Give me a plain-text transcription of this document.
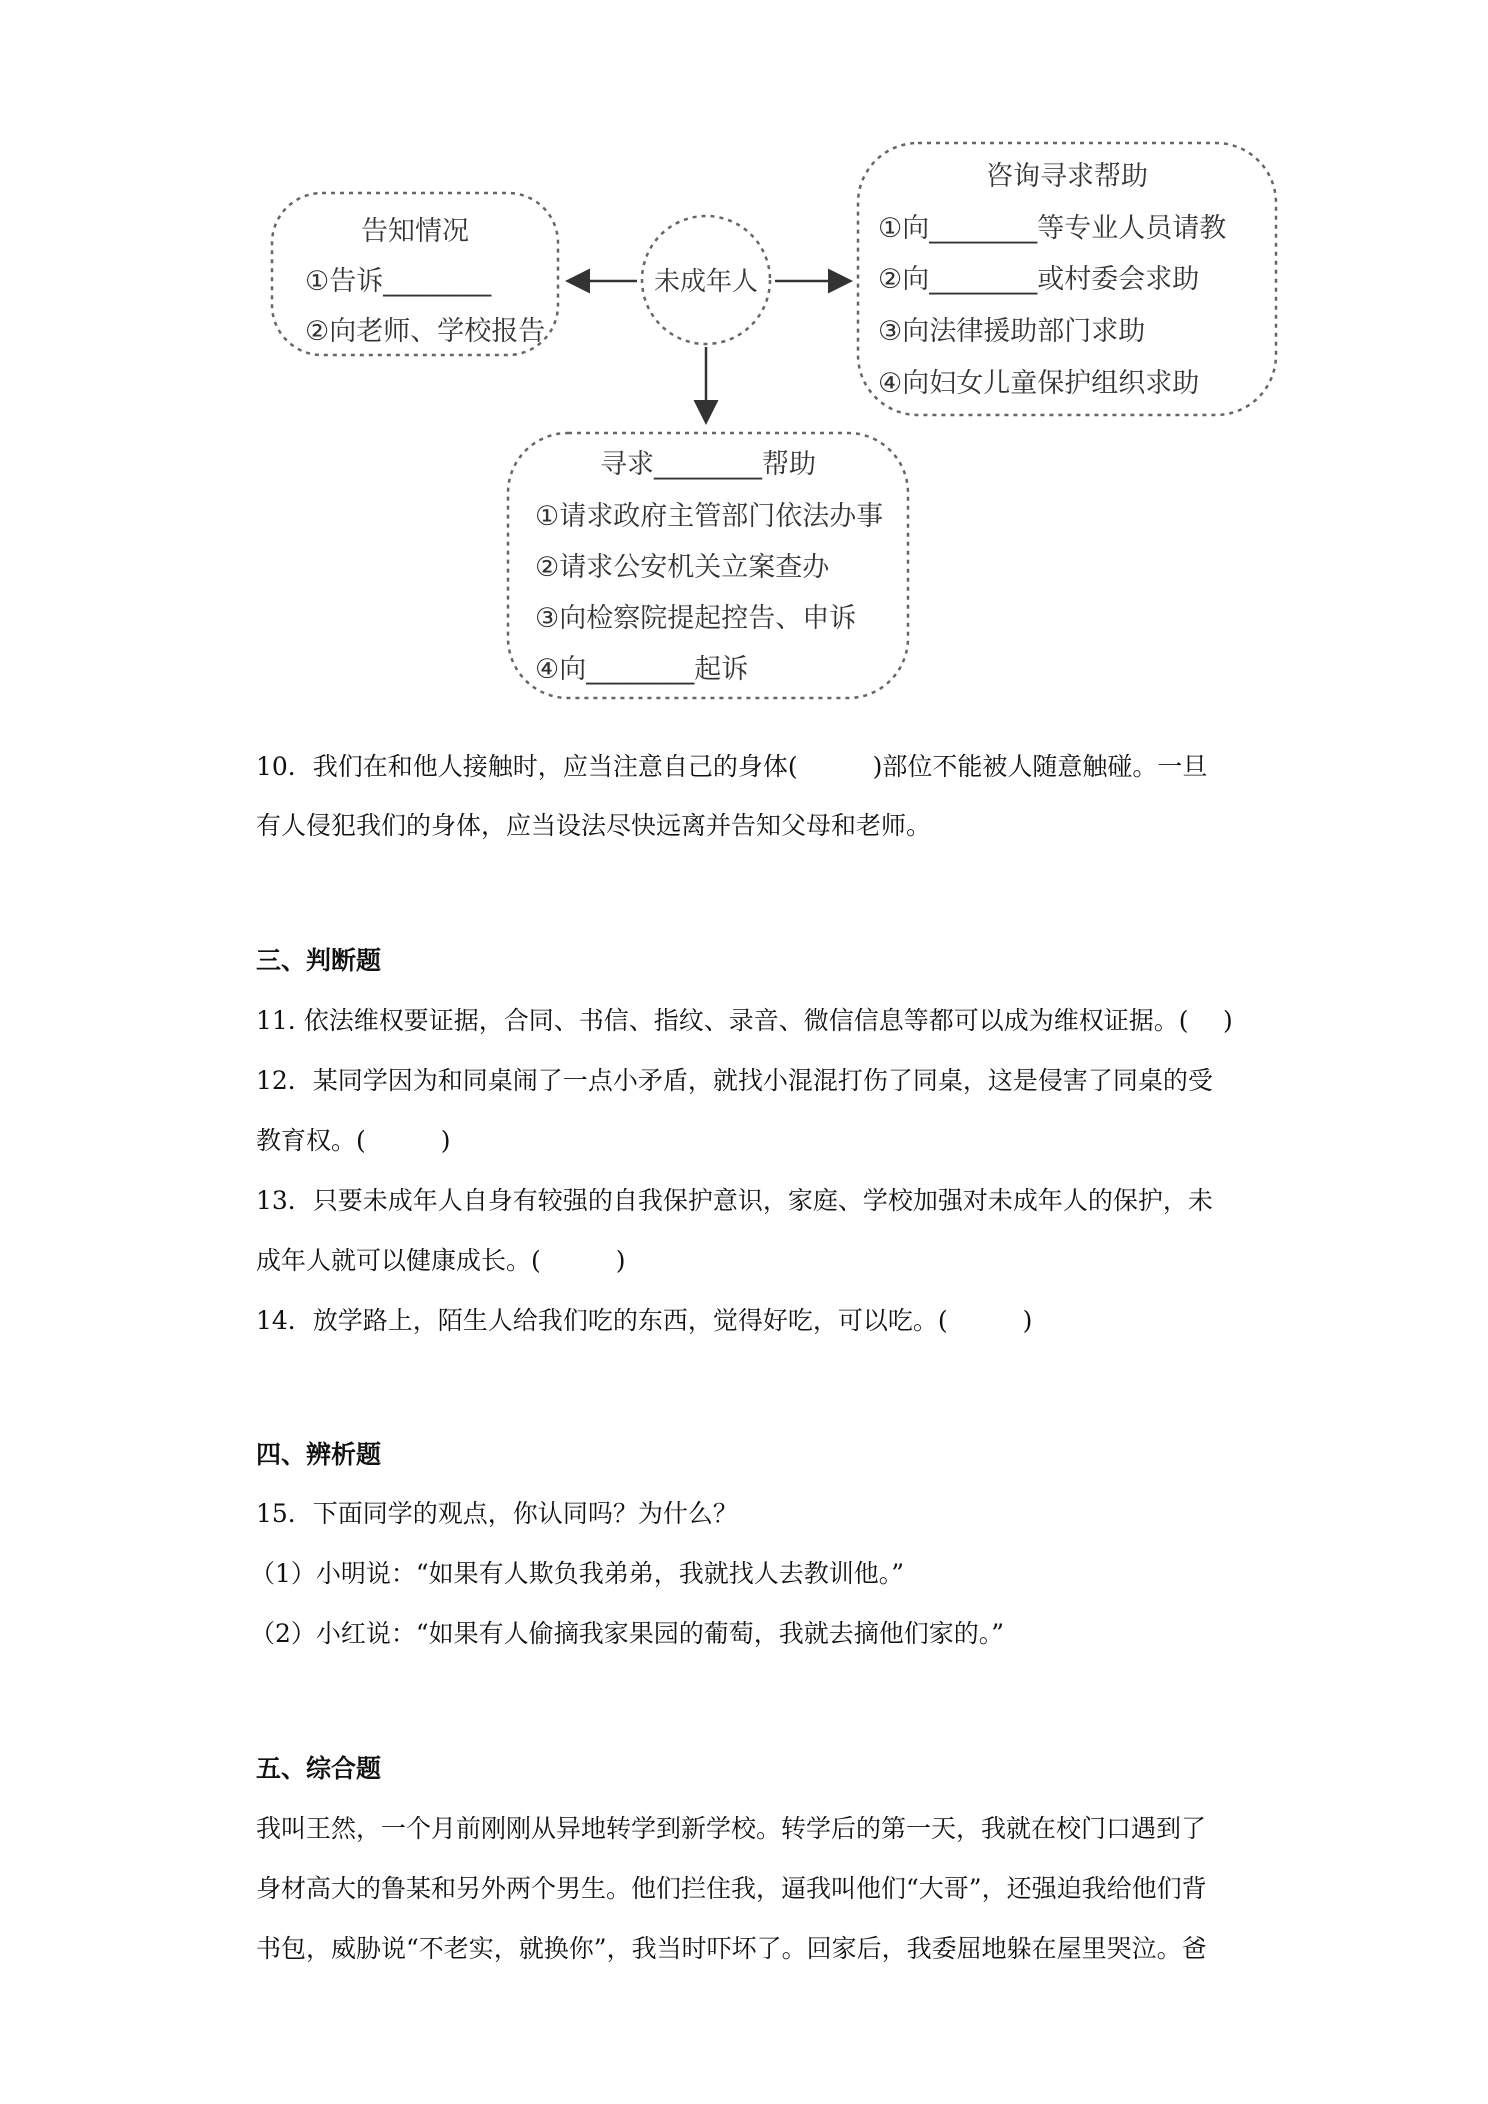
告知情况
①告诉________
②向老师、学校报告
未成年人
咨询寻求帮助
①向________等专业人员请教
②向________或村委会求助
③向法律援助部门求助
④向妇女儿童保护组织求助
寻求________帮助
①请求政府主管部门依法办事
②请求公安机关立案查办
③向检察院提起控告、申诉
④向________起诉
10．我们在和他人接触时，应当注意自己的身体(　　　)部位不能被人随意触碰。一旦
有人侵犯我们的身体，应当设法尽快远离并告知父母和老师。
三、判断题
11. 依法维权要证据，合同、书信、指纹、录音、微信信息等都可以成为维权证据。( )
12．某同学因为和同桌闹了一点小矛盾，就找小混混打伤了同桌，这是侵害了同桌的受
教育权。(　　　)
13．只要未成年人自身有较强的自我保护意识，家庭、学校加强对未成年人的保护，未
成年人就可以健康成长。(　　　)
14．放学路上，陌生人给我们吃的东西，觉得好吃，可以吃。(　　　)
四、辨析题
15．下面同学的观点，你认同吗？为什么？
（1）小明说：“如果有人欺负我弟弟，我就找人去教训他。”
（2）小红说：“如果有人偷摘我家果园的葡萄，我就去摘他们家的。”
五、综合题
我叫王然，一个月前刚刚从异地转学到新学校。转学后的第一天，我就在校门口遇到了
身材高大的鲁某和另外两个男生。他们拦住我，逼我叫他们“大哥”，还强迫我给他们背
书包，威胁说“不老实，就换你”，我当时吓坏了。回家后，我委屈地躲在屋里哭泣。爸
